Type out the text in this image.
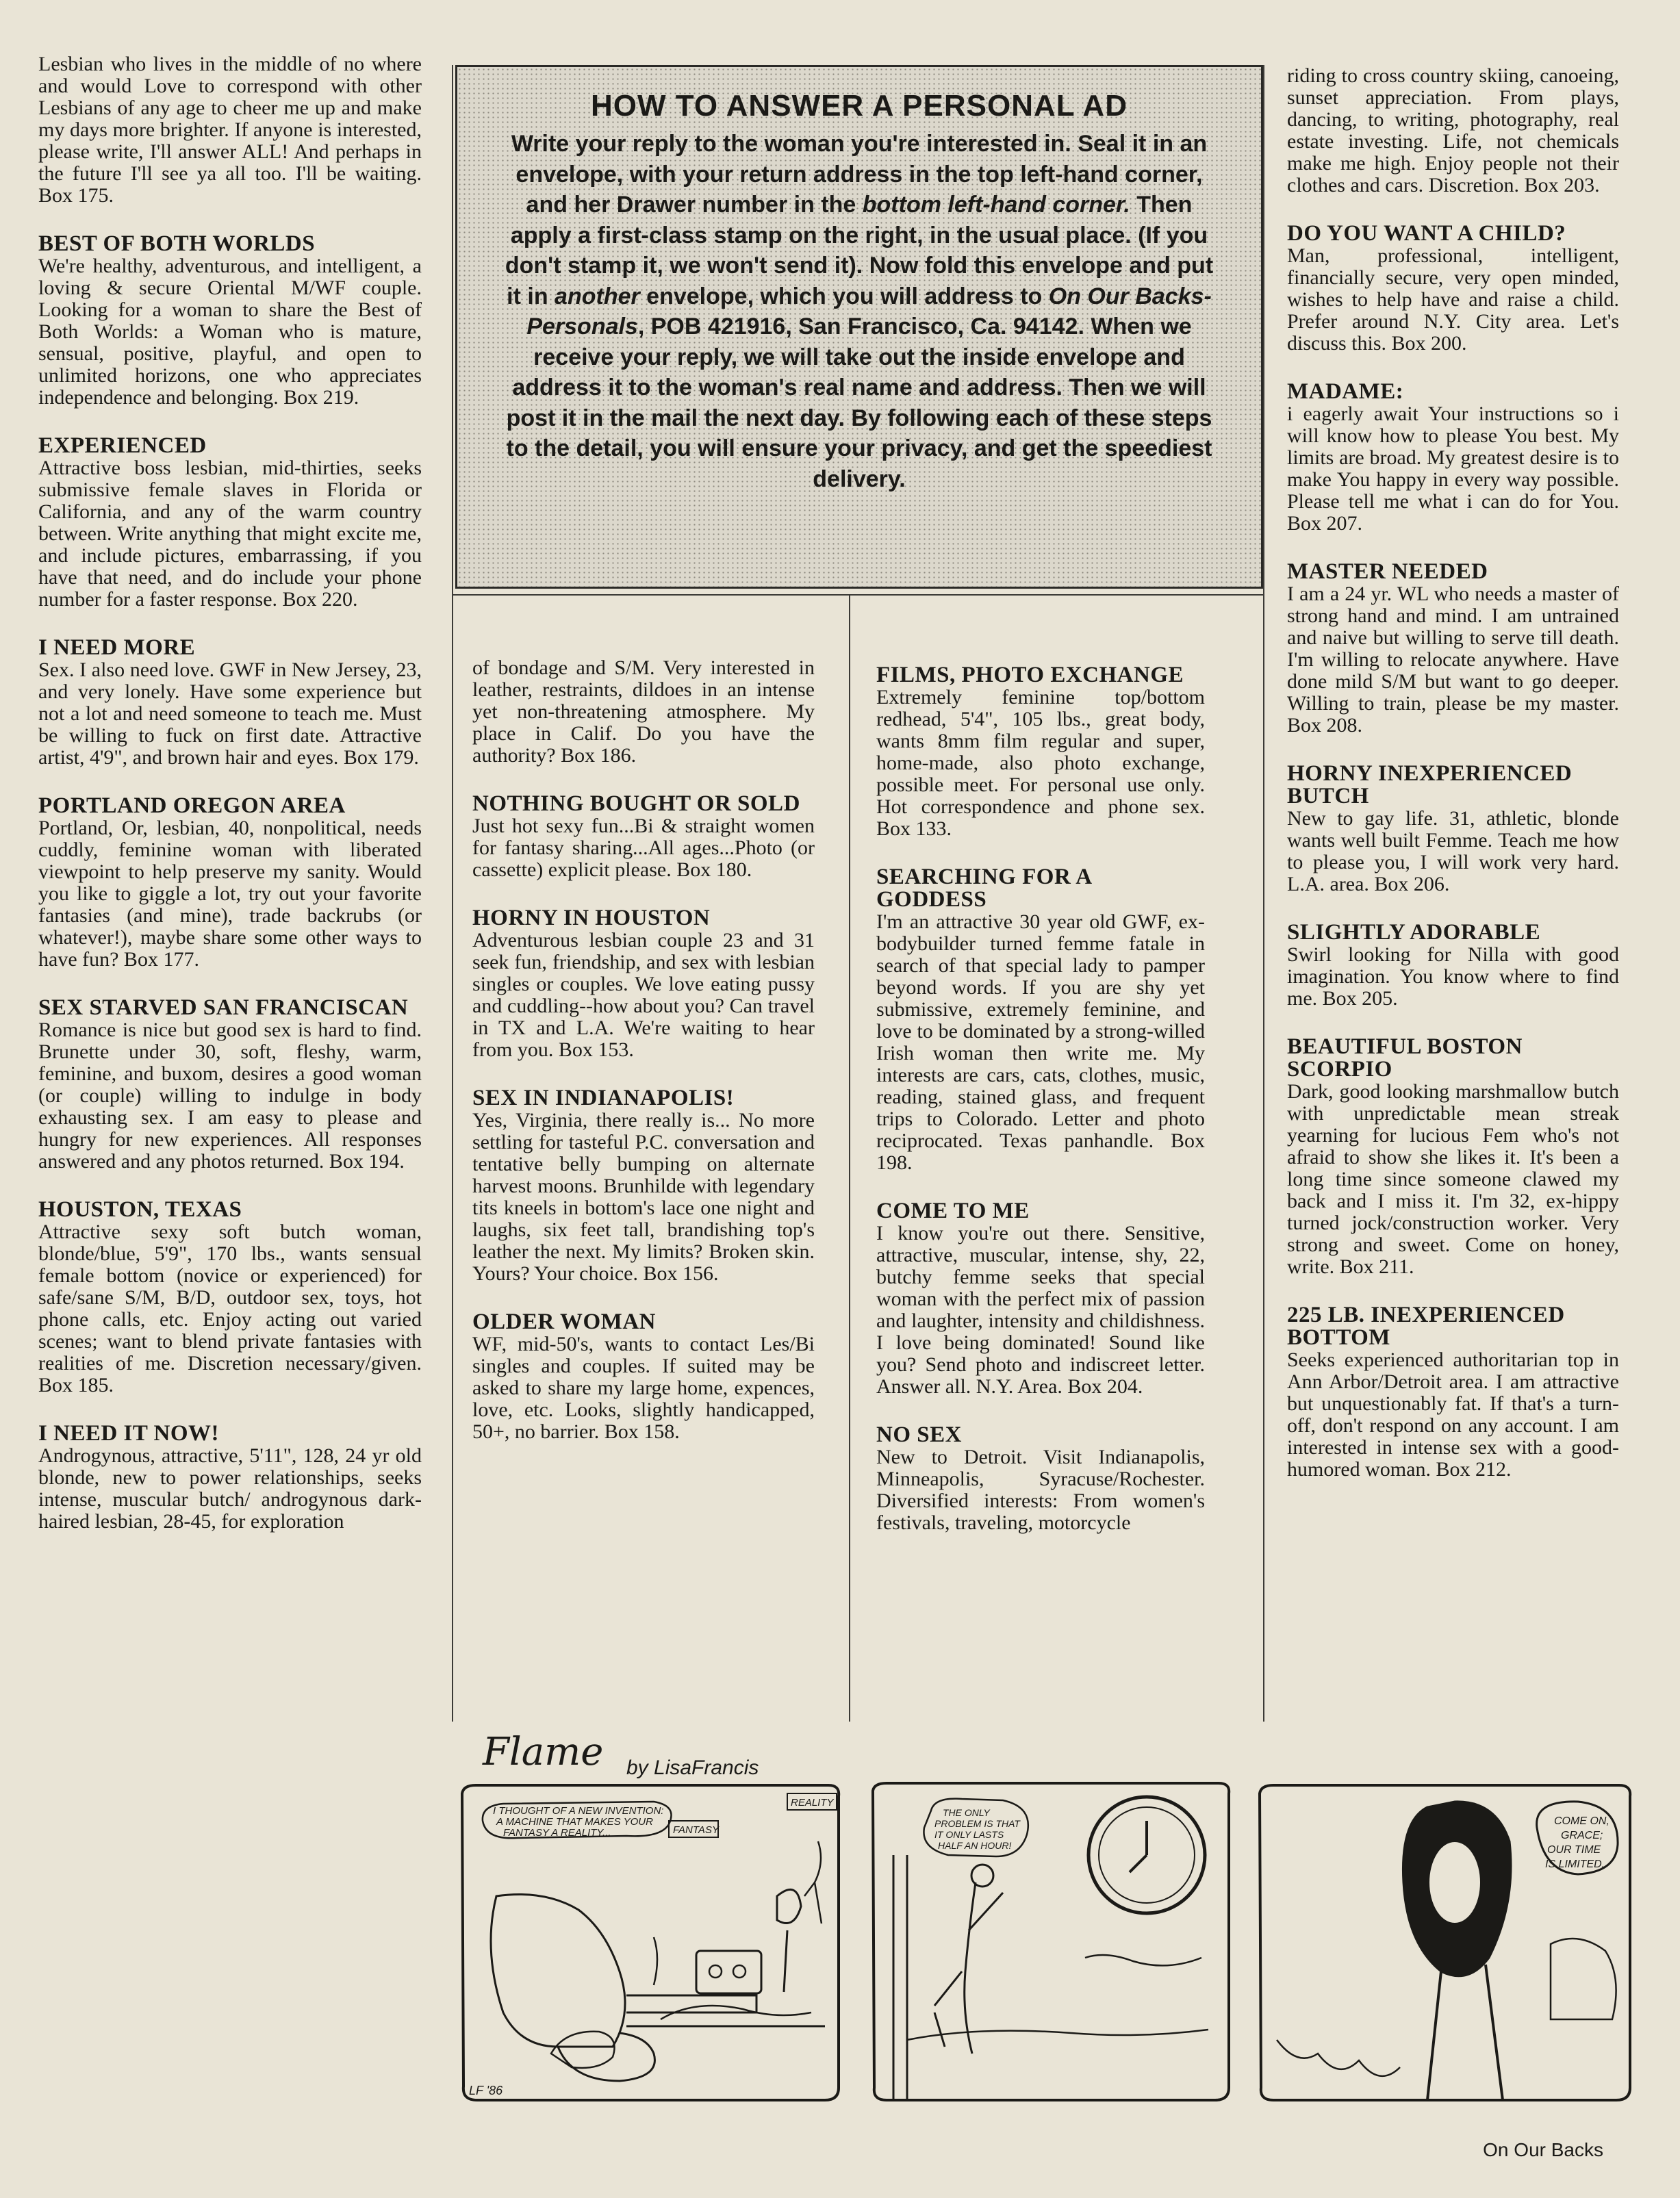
HOW TO ANSWER A PERSONAL AD
Write your reply to the woman you're interested in. Seal it in an envelope, with your return address in the top left-hand corner, and her Drawer number in the bottom left-hand corner. Then apply a first-class stamp on the right, in the usual place. (If you don't stamp it, we won't send it). Now fold this envelope and put it in another envelope, which you will address to On Our Backs- Personals, POB 421916, San Francisco, Ca. 94142. When we receive your reply, we will take out the inside envelope and address it to the woman's real name and address. Then we will post it in the mail the next day. By following each of these steps to the detail, you will ensure your privacy, and get the speediest delivery.

Lesbian who lives in the middle of no where and would Love to correspond with other Lesbians of any age to cheer me up and make my days more brighter. If anyone is interested, please write, I'll answer ALL! And perhaps in the future I'll see ya all too. I'll be waiting. Box 175.

BEST OF BOTH WORLDS

We're healthy, adventurous, and intelligent, a loving & secure Oriental M/WF couple. Looking for a woman to share the Best of Both Worlds: a Woman who is mature, sensual, positive, playful, and open to unlimited horizons, one who appreciates independence and belonging. Box 219.

EXPERIENCED

Attractive boss lesbian, mid-thirties, seeks submissive female slaves in Florida or California, and any of the warm country between. Write anything that might excite me, and include pictures, embarrassing, if you have that need, and do include your phone number for a faster response. Box 220.

I NEED MORE

Sex. I also need love. GWF in New Jersey, 23, and very lonely. Have some experience but not a lot and need someone to teach me. Must be willing to fuck on first date. Attractive artist, 4'9", and brown hair and eyes. Box 179.

PORTLAND OREGON AREA

Portland, Or, lesbian, 40, nonpolitical, needs cuddly, feminine woman with liberated viewpoint to help preserve my sanity. Would you like to giggle a lot, try out your favorite fantasies (and mine), trade backrubs (or whatever!), maybe share some other ways to have fun? Box 177.

SEX STARVED SAN FRANCISCAN

Romance is nice but good sex is hard to find. Brunette under 30, soft, fleshy, warm, feminine, and buxom, desires a good woman (or couple) willing to indulge in body exhausting sex. I am easy to please and hungry for new experiences. All responses answered and any photos returned. Box 194.

HOUSTON, TEXAS

Attractive sexy soft butch woman, blonde/blue, 5'9", 170 lbs., wants sensual female bottom (novice or experienced) for safe/sane S/M, B/D, outdoor sex, toys, hot phone calls, etc. Enjoy acting out varied scenes; want to blend private fantasies with realities of me. Discretion necessary/given. Box 185.

I NEED IT NOW!

Androgynous, attractive, 5'11", 128, 24 yr old blonde, new to power relationships, seeks intense, muscular butch/ androgynous dark-haired lesbian, 28-45, for exploration

of bondage and S/M. Very interested in leather, restraints, dildoes in an intense yet non-threatening atmosphere. My place in Calif. Do you have the authority? Box 186.

NOTHING BOUGHT OR SOLD

Just hot sexy fun...Bi & straight women for fantasy sharing...All ages...Photo (or cassette) explicit please. Box 180.

HORNY IN HOUSTON

Adventurous lesbian couple 23 and 31 seek fun, friendship, and sex with lesbian singles or couples. We love eating pussy and cuddling--how about you? Can travel in TX and L.A. We're waiting to hear from you. Box 153.

SEX IN INDIANAPOLIS!

Yes, Virginia, there really is... No more settling for tasteful P.C. conversation and tentative belly bumping on alternate harvest moons. Brunhilde with legendary tits kneels in bottom's lace one night and laughs, six feet tall, brandishing top's leather the next. My limits? Broken skin. Yours? Your choice. Box 156.

OLDER WOMAN

WF, mid-50's, wants to contact Les/Bi singles and couples. If suited may be asked to share my large home, expences, love, etc. Looks, slightly handicapped, 50+, no barrier. Box 158.

FILMS, PHOTO EXCHANGE

Extremely feminine top/bottom redhead, 5'4", 105 lbs., great body, wants 8mm film regular and super, home-made, also photo exchange, possible meet. For personal use only. Hot correspondence and phone sex. Box 133.

SEARCHING FOR A GODDESS

I'm an attractive 30 year old GWF, ex-bodybuilder turned femme fatale in search of that special lady to pamper beyond words. If you are shy yet submissive, extremely feminine, and love to be dominated by a strong-willed Irish woman then write me. My interests are cars, cats, clothes, music, reading, stained glass, and frequent trips to Colorado. Letter and photo reciprocated. Texas panhandle. Box 198.

COME TO ME

I know you're out there. Sensitive, attractive, muscular, intense, shy, 22, butchy femme seeks that special woman with the perfect mix of passion and laughter, intensity and childishness. I love being dominated! Sound like you? Send photo and indiscreet letter. Answer all. N.Y. Area. Box 204.

NO SEX

New to Detroit. Visit Indianapolis, Minneapolis, Syracuse/Rochester. Diversified interests: From women's festivals, traveling, motorcycle

riding to cross country skiing, canoeing, sunset appreciation. From plays, dancing, to writing, photography, real estate investing. Life, not chemicals make me high. Enjoy people not their clothes and cars. Discretion. Box 203.

DO YOU WANT A CHILD?

Man, professional, intelligent, financially secure, very open minded, wishes to help have and raise a child. Prefer around N.Y. City area. Let's discuss this. Box 200.

MADAME:

i eagerly await Your instructions so i will know how to please You best. My limits are broad. My greatest desire is to make You happy in every way possible. Please tell me what i can do for You. Box 207.

MASTER NEEDED

I am a 24 yr. WL who needs a master of strong hand and mind. I am untrained and naive but willing to serve till death. I'm willing to relocate anywhere. Have done mild S/M but want to go deeper. Willing to train, please be my master. Box 208.

HORNY INEXPERIENCED BUTCH

New to gay life. 31, athletic, blonde wants well built Femme. Teach me how to please you, I will work very hard. L.A. area. Box 206.

SLIGHTLY ADORABLE

Swirl looking for Nilla with good imagination. You know where to find me. Box 205.

BEAUTIFUL BOSTON SCORPIO

Dark, good looking marshmallow butch with unpredictable mean streak yearning for lucious Fem who's not afraid to show she likes it. It's been a long time since someone clawed my back and I miss it. I'm 32, ex-hippy turned jock/construction worker. Very strong and sweet. Come on honey, write. Box 211.

225 LB. INEXPERIENCED BOTTOM

Seeks experienced authoritarian top in Ann Arbor/Detroit area. I am attractive but unquestionably fat. If that's a turn-off, don't respond on any account. I am interested in intense sex with a good-humored woman. Box 212.

Flame by LisaFrancis
I THOUGHT OF A NEW INVENTION:
A MACHINE THAT MAKES YOUR
FANTASY A REALITY...	FANTASY
REALITY
THE ONLY
PROBLEM IS THAT
IT ONLY LASTS
HALF AN HOUR!
COME ON,
GRACE;
OUR TIME
IS LIMITED.
LF '86
On Our Backs
